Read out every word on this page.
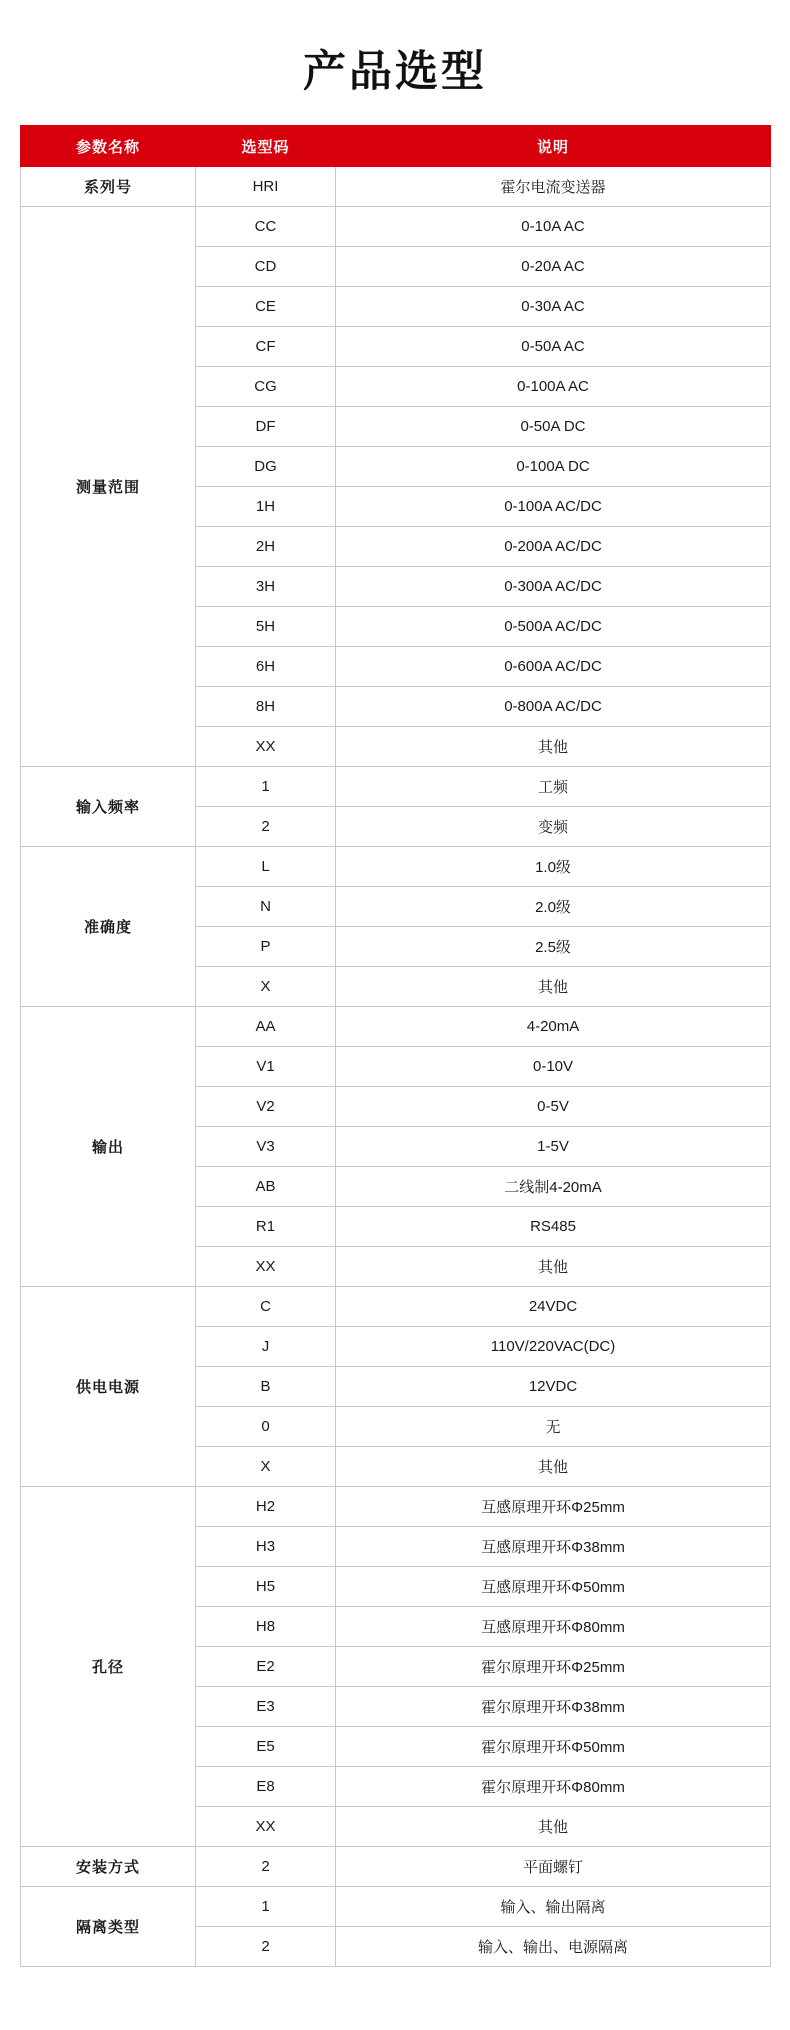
产品选型
参数名称	选型码	说明
系列号	HRI	霍尔电流变送器
测量范围	CC	0-10A AC
	CD	0-20A AC
	CE	0-30A AC
	CF	0-50A AC
	CG	0-100A AC
	DF	0-50A DC
	DG	0-100A DC
	1H	0-100A AC/DC
	2H	0-200A AC/DC
	3H	0-300A AC/DC
	5H	0-500A AC/DC
	6H	0-600A AC/DC
	8H	0-800A AC/DC
	XX	其他
输入频率	1	工频
	2	变频
准确度	L	1.0级
	N	2.0级
	P	2.5级
	X	其他
输出	AA	4-20mA
	V1	0-10V
	V2	0-5V
	V3	1-5V
	AB	二线制4-20mA
	R1	RS485
	XX	其他
供电电源	C	24VDC
	J	110V/220VAC(DC)
	B	12VDC
	0	无
	X	其他
孔径	H2	互感原理开环Φ25mm
	H3	互感原理开环Φ38mm
	H5	互感原理开环Φ50mm
	H8	互感原理开环Φ80mm
	E2	霍尔原理开环Φ25mm
	E3	霍尔原理开环Φ38mm
	E5	霍尔原理开环Φ50mm
	E8	霍尔原理开环Φ80mm
	XX	其他
安装方式	2	平面螺钉
隔离类型	1	输入、输出隔离
	2	输入、输出、电源隔离
